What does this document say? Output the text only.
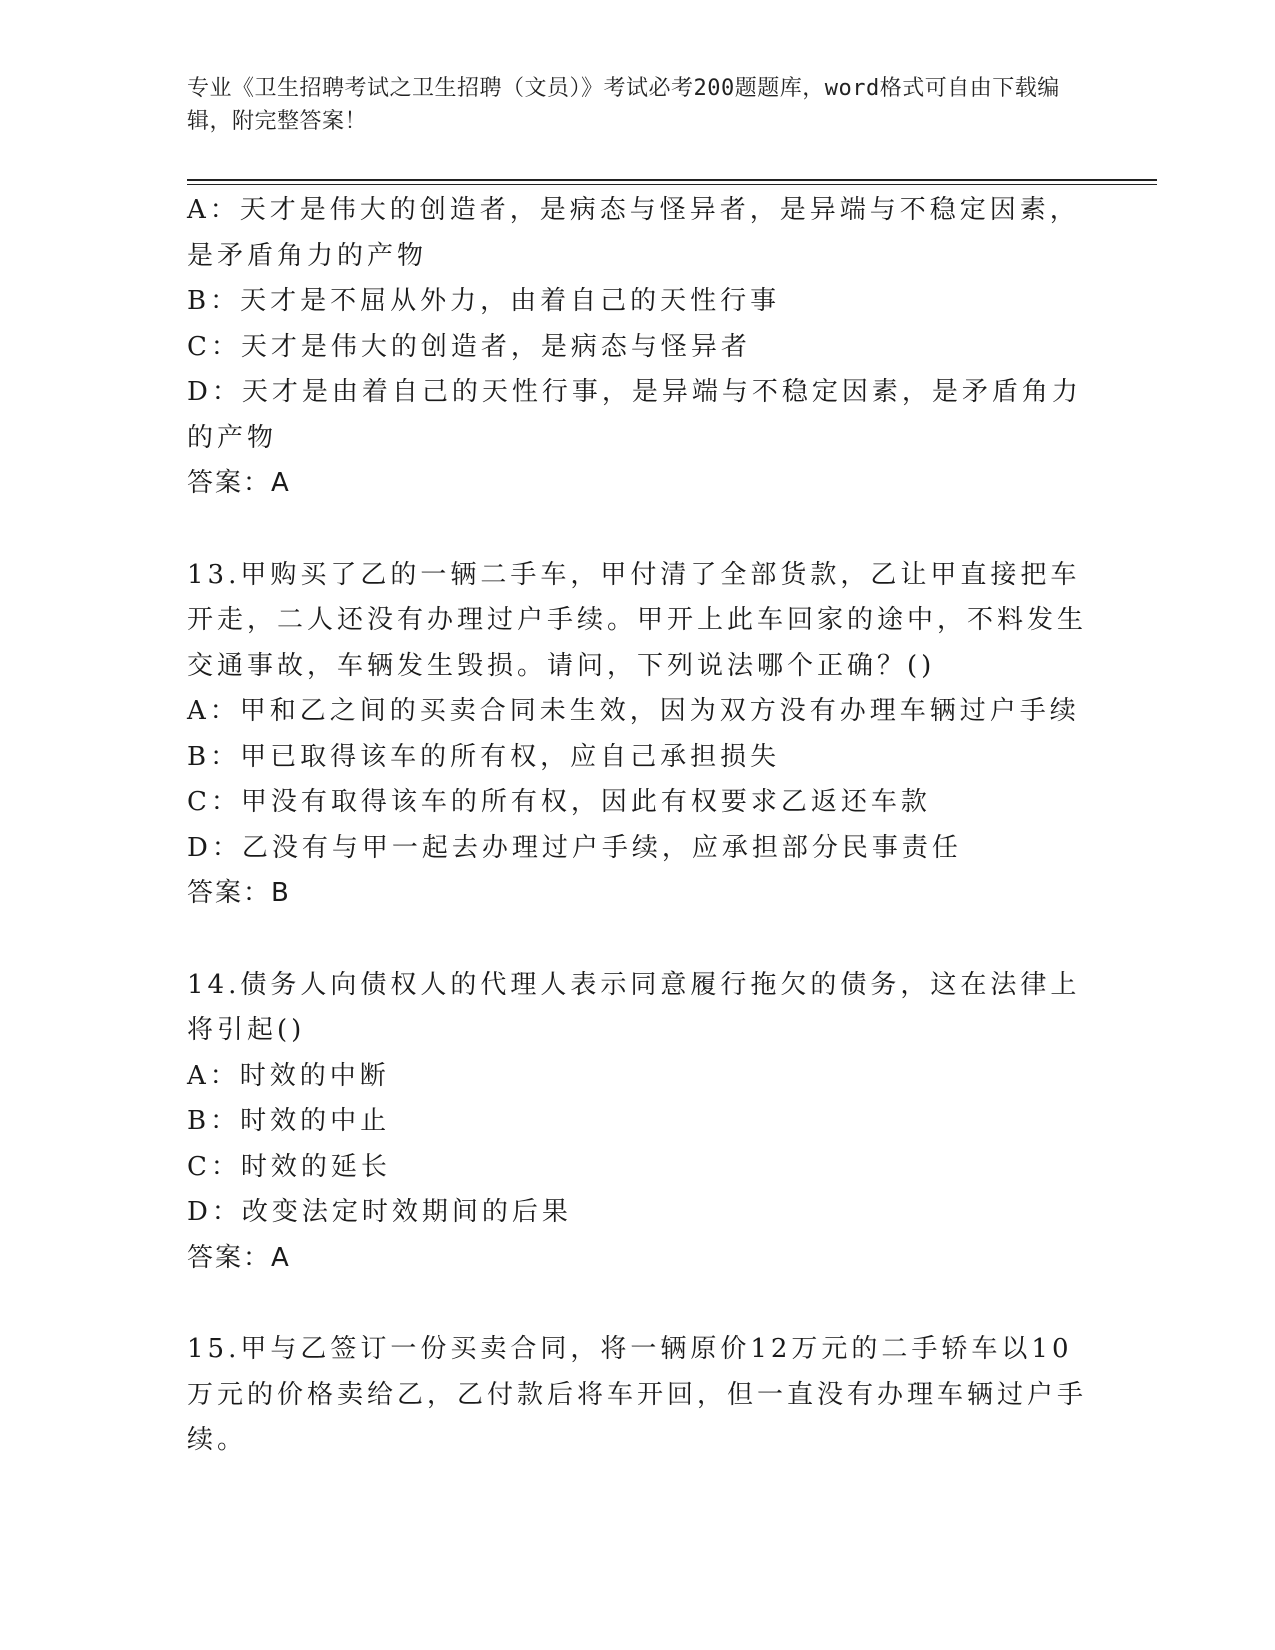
专业《卫生招聘考试之卫生招聘（文员）》考试必考200题题库，word格式可自由下载编辑，附完整答案！
A：天才是伟大的创造者，是病态与怪异者，是异端与不稳定因素，是矛盾角力的产物
B：天才是不屈从外力，由着自己的天性行事
C：天才是伟大的创造者，是病态与怪异者
D：天才是由着自己的天性行事，是异端与不稳定因素，是矛盾角力的产物
答案：A
13.甲购买了乙的一辆二手车，甲付清了全部货款，乙让甲直接把车开走，二人还没有办理过户手续。甲开上此车回家的途中，不料发生交通事故，车辆发生毁损。请问，下列说法哪个正确？()
A：甲和乙之间的买卖合同未生效，因为双方没有办理车辆过户手续
B：甲已取得该车的所有权，应自己承担损失
C：甲没有取得该车的所有权，因此有权要求乙返还车款
D：乙没有与甲一起去办理过户手续，应承担部分民事责任
答案：B
14.债务人向债权人的代理人表示同意履行拖欠的债务，这在法律上将引起()
A：时效的中断
B：时效的中止
C：时效的延长
D：改变法定时效期间的后果
答案：A
15.甲与乙签订一份买卖合同，将一辆原价12万元的二手轿车以10万元的价格卖给乙，乙付款后将车开回，但一直没有办理车辆过户手续。
